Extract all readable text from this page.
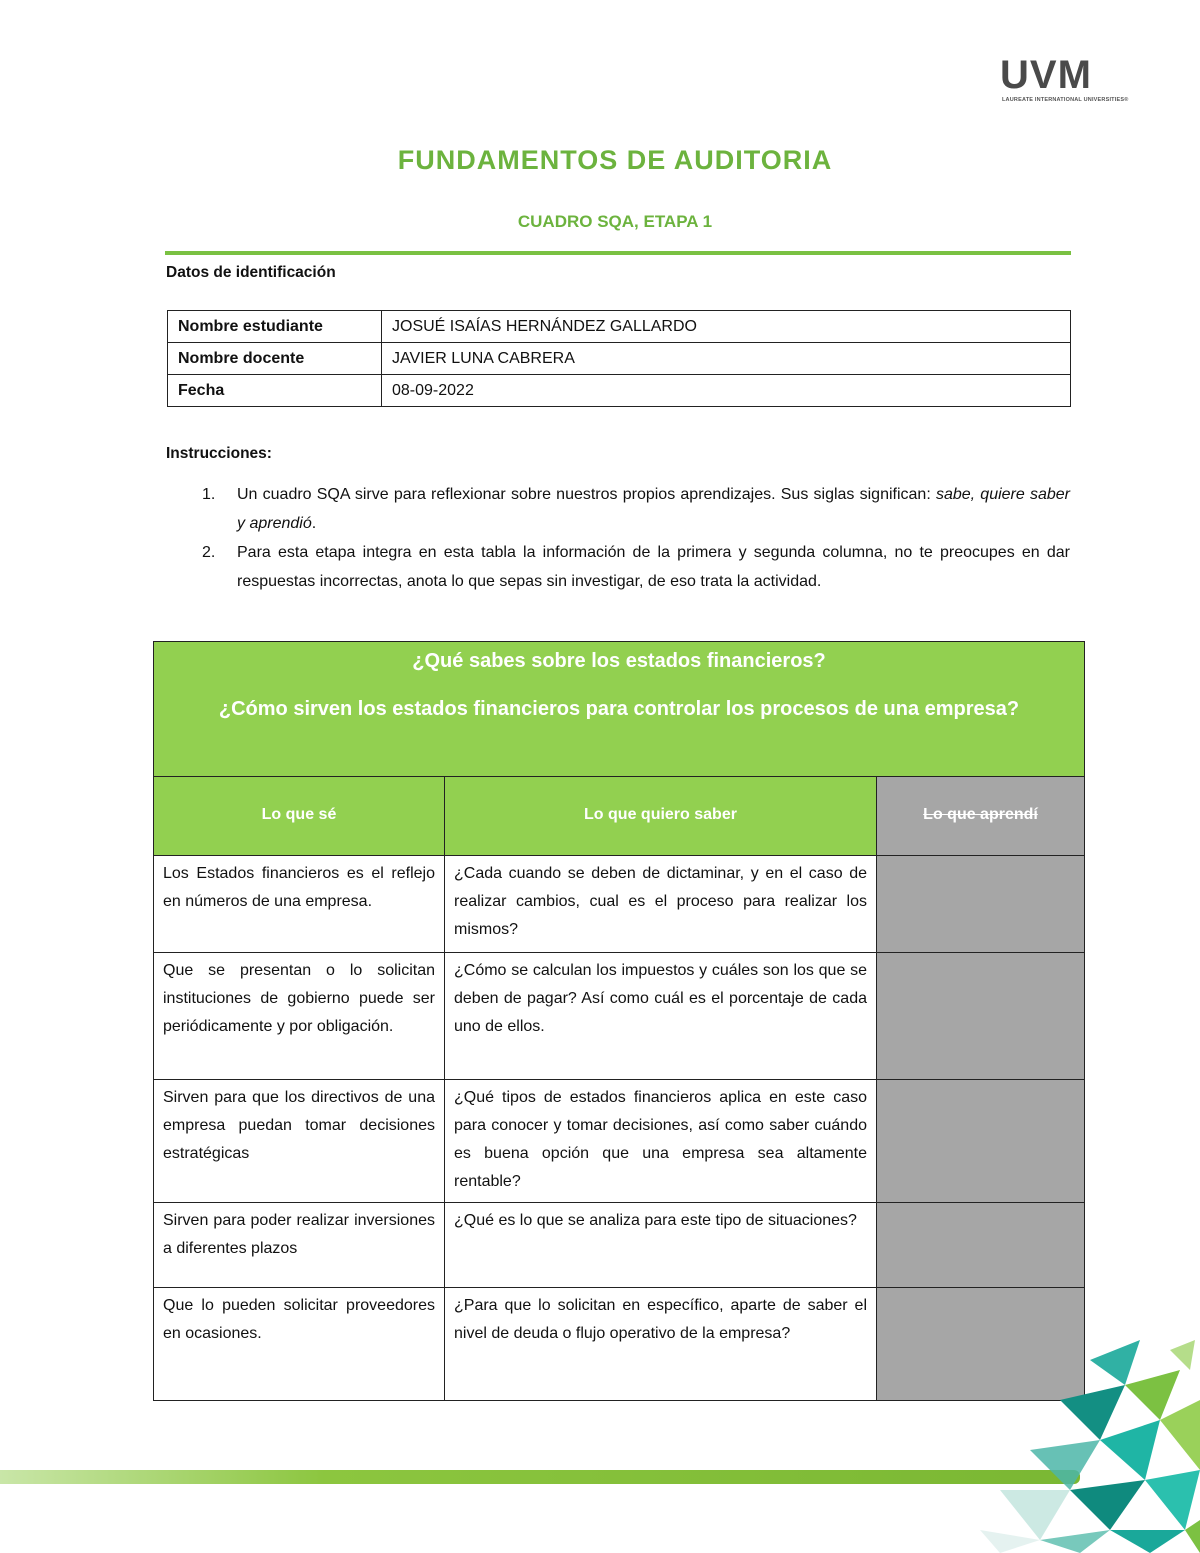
UVM
LAUREATE INTERNATIONAL UNIVERSITIES®
FUNDAMENTOS DE AUDITORIA
CUADRO SQA, ETAPA 1
Datos de identificación
Nombre estudiante	JOSUÉ ISAÍAS HERNÁNDEZ GALLARDO
Nombre docente	JAVIER LUNA CABRERA
Fecha	08-09-2022
Instrucciones:
1. Un cuadro SQA sirve para reflexionar sobre nuestros propios aprendizajes. Sus siglas significan: sabe, quiere saber y aprendió.
2. Para esta etapa integra en esta tabla la información de la primera y segunda columna, no te preocupes en dar respuestas incorrectas, anota lo que sepas sin investigar, de eso trata la actividad.
¿Qué sabes sobre los estados financieros?
¿Cómo sirven los estados financieros para controlar los procesos de una empresa?		

Lo que sé	Lo que quiero saber	Lo que aprendí
Los Estados financieros es el reflejo en números de una empresa.	¿Cada cuando se deben de dictaminar, y en el caso de realizar cambios, cual es el proceso para realizar los mismos?	
Que se presentan o lo solicitan instituciones de gobierno puede ser periódicamente y por obligación.	¿Cómo se calculan los impuestos y cuáles son los que se deben de pagar? Así como cuál es el porcentaje de cada uno de ellos.	
Sirven para que los directivos de una empresa puedan tomar decisiones estratégicas	¿Qué tipos de estados financieros aplica en este caso para conocer y tomar decisiones, así como saber cuándo es buena opción que una empresa sea altamente rentable?	
Sirven para poder realizar inversiones a diferentes plazos	¿Qué es lo que se analiza para este tipo de situaciones?	
Que lo pueden solicitar proveedores en ocasiones.	¿Para que lo solicitan en específico, aparte de saber el nivel de deuda o flujo operativo de la empresa?	
